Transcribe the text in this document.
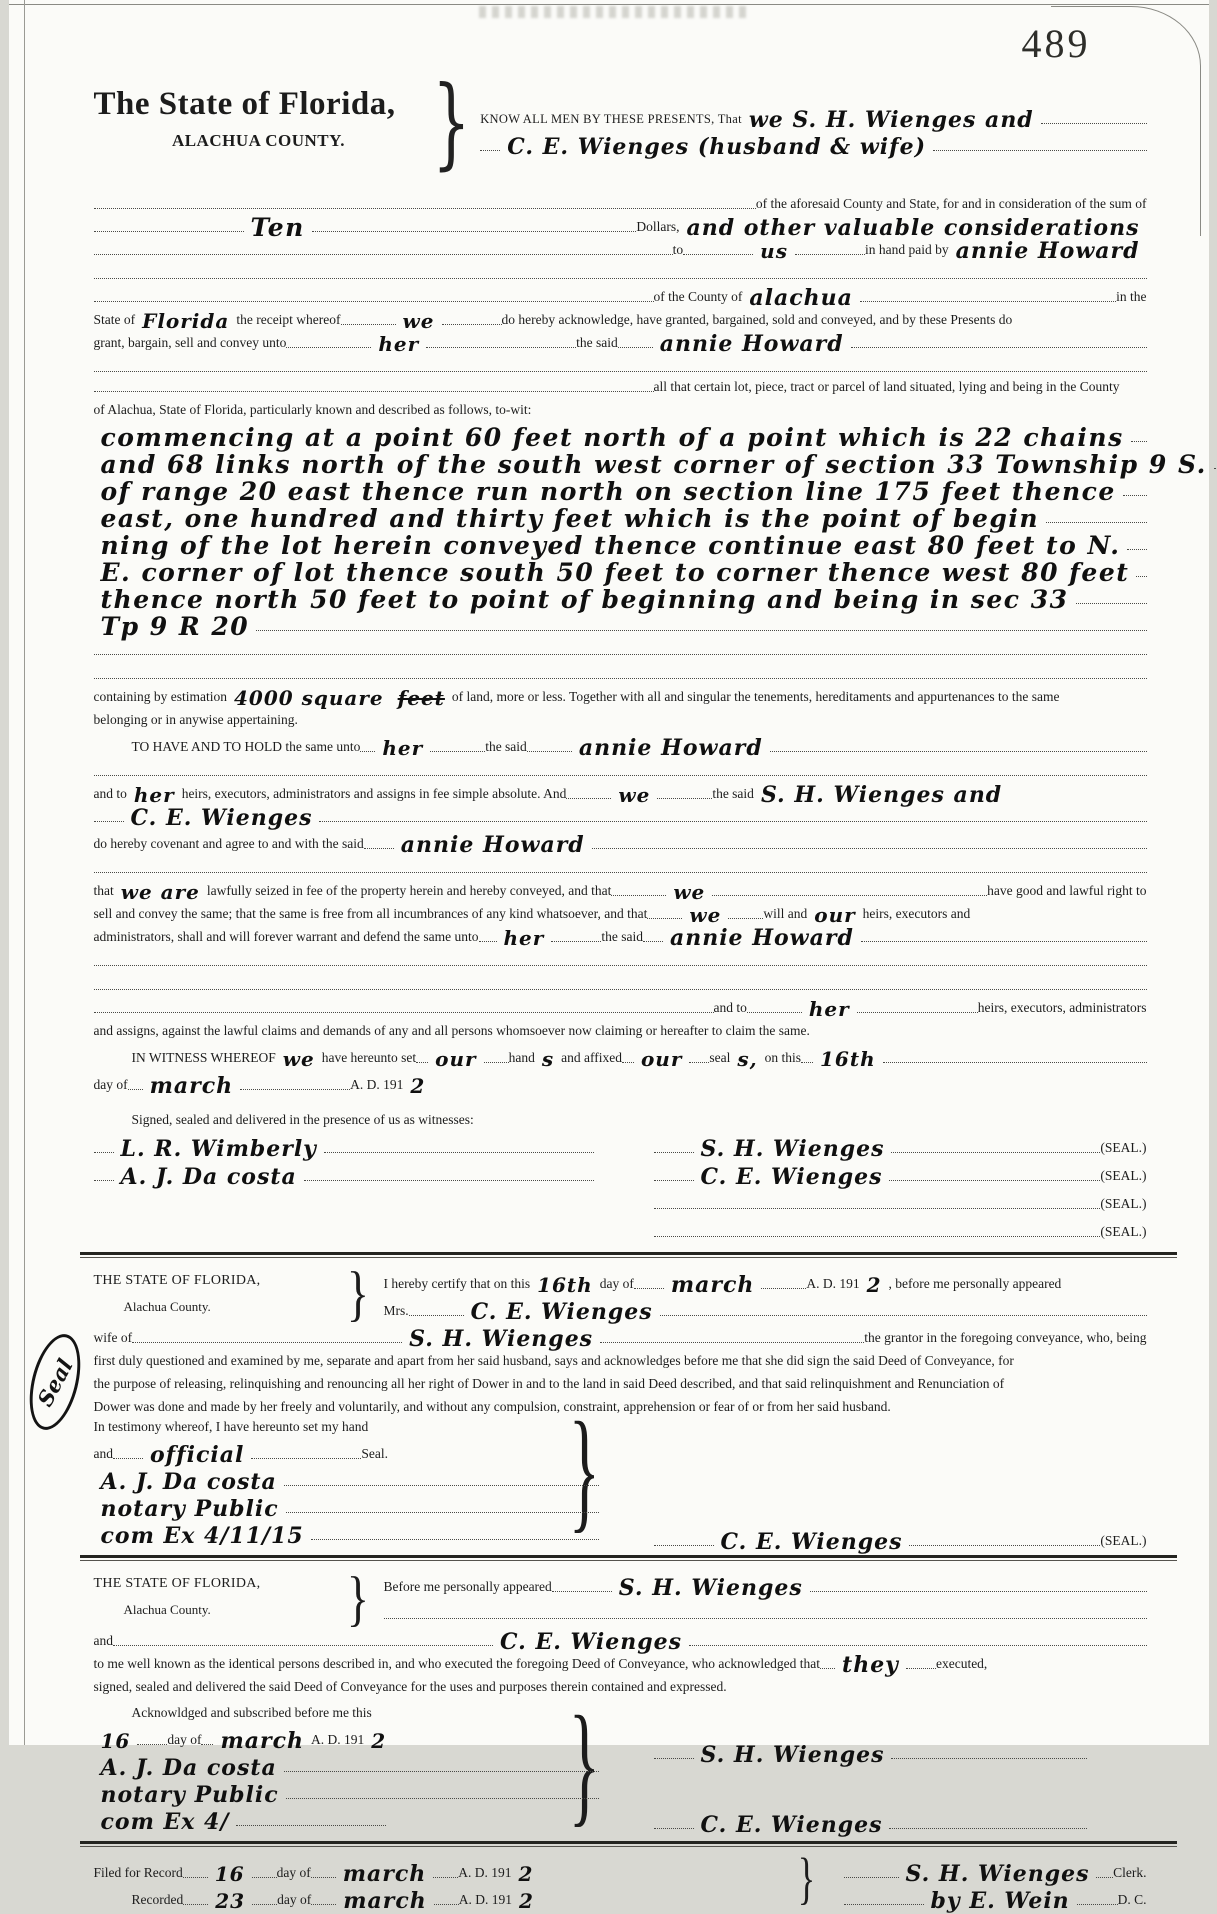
489
The State of Florida,
ALACHUA COUNTY.	} KNOW ALL MEN BY THESE PRESENTS, That we S. H. Wienges and
C. E. Wienges (husband & wife)
of the aforesaid County and State, for and in consideration of the sum of
Ten	Dollars, and other valuable considerations
to	us	in hand paid by annie Howard
of the County of alachua	in the
State of Florida the receipt whereof	we	do hereby acknowledge, have granted, bargained, sold and conveyed, and by these Presents do
grant, bargain, sell and convey unto	her	the said	annie Howard
all that certain lot, piece, tract or parcel of land situated, lying and being in the County
of Alachua, State of Florida, particularly known and described as follows, to-wit:
commencing at a point 60 feet north of a point which is 22 chains
and 68 links north of the south west corner of section 33 Township 9 S.
of range 20 east thence run north on section line 175 feet thence
east, one hundred and thirty feet which is the point of begin
ning of the lot herein conveyed thence continue east 80 feet to N.
E. corner of lot thence south 50 feet to corner thence west 80 feet
thence north 50 feet to point of beginning and being in sec 33
Tp 9 R 20
containing by estimation 4000 square feet of land, more or less. Together with all and singular the tenements, hereditaments and appurtenances to the same
belonging or in anywise appertaining.
TO HAVE AND TO HOLD the same unto	her	the said	annie Howard
and to her heirs, executors, administrators and assigns in fee simple absolute. And	we	the said S. H. Wienges and
C. E. Wienges
do hereby covenant and agree to and with the said	annie Howard
that we are lawfully seized in fee of the property herein and hereby conveyed, and that	we	have good and lawful right to
sell and convey the same; that the same is free from all incumbrances of any kind whatsoever, and that	we	will and our heirs, executors and
administrators, shall and will forever warrant and defend the same unto	her	the said	annie Howard
and to	her	heirs, executors, administrators
and assigns, against the lawful claims and demands of any and all persons whomsoever now claiming or hereafter to claim the same.
IN WITNESS WHEREOF we have hereunto set our	hand s and affixed our	seal s, on this 16th
day of	march	A. D. 191 2
Signed, sealed and delivered in the presence of us as witnesses:
L. R. Wimberly	S. H. Wienges	(SEAL.)
A. J. Da costa	C. E. Wienges	(SEAL.)
(SEAL.)
(SEAL.)
Seal
}
THE STATE OF FLORIDA,
Alachua County.
I hereby certify that on this 16th day of	march	A. D. 191 2 , before me personally appeared
Mrs.	C. E. Wienges
wife of	S. H. Wienges	the grantor in the foregoing conveyance, who, being
first duly questioned and examined by me, separate and apart from her said husband, says and acknowledges before me that she did sign the said Deed of Conveyance, for
the purpose of releasing, relinquishing and renouncing all her right of Dower in and to the land in said Deed described, and that said relinquishment and Renunciation of
Dower was done and made by her freely and voluntarily, and without any compulsion, constraint, apprehension or fear of or from her said husband.
}
In testimony whereof, I have hereunto set my hand
and	official	Seal.
A. J. Da costa
notary Public
com Ex 4/11/15	C. E. Wienges	(SEAL.)
}
THE STATE OF FLORIDA,
Alachua County.
Before me personally appeared	S. H. Wienges
and	C. E. Wienges
to me well known as the identical persons described in, and who executed the foregoing Deed of Conveyance, who acknowledged that	they	executed,
signed, sealed and delivered the said Deed of Conveyance for the uses and purposes therein contained and expressed.
}
Acknowldged and subscribed before me this
16	day of march A. D. 191 2
A. J. Da costa
notary Public
com Ex 4/
S. H. Wienges
C. E. Wienges
}
Filed for Record	16	day of	march	A. D. 191 2	S. H. Wienges	Clerk.
Recorded	23	day of	march	A. D. 191 2	by E. Wein	D. C.
